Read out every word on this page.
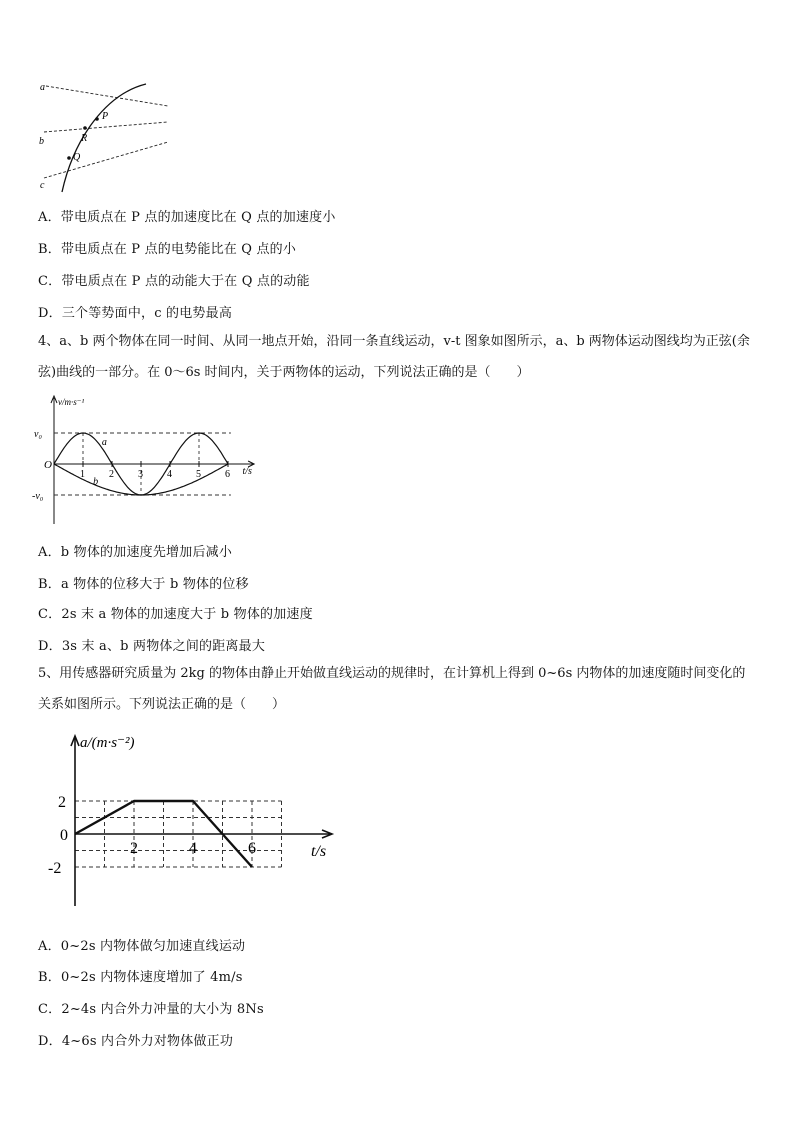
a
b
c
P
R
Q
A．带电质点在 P 点的加速度比在 Q 点的加速度小
B．带电质点在 P 点的电势能比在 Q 点的小
C．带电质点在 P 点的动能大于在 Q 点的动能
D．三个等势面中，c 的电势最高
4、a、b 两个物体在同一时间、从同一地点开始，沿同一条直线运动，v-t 图象如图所示，a、b 两物体运动图线均为正弦(余弦)曲线的一部分。在 0～6s 时间内，关于两物体的运动，下列说法正确的是（　　）
1 2 3 4 5 6
v₀
-v₀
O
v/m·s⁻¹
t/s
a
b
A．b 物体的加速度先增加后减小
B．a 物体的位移大于 b 物体的位移
C．2s 末 a 物体的加速度大于 b 物体的加速度
D．3s 末 a、b 两物体之间的距离最大
5、用传感器研究质量为 2kg 的物体由静止开始做直线运动的规律时，在计算机上得到 0~6s 内物体的加速度随时间变化的关系如图所示。下列说法正确的是（　　）
a/(m·s⁻²)
t/s
0
2
-2
2	4	6
A．0~2s 内物体做匀加速直线运动
B．0~2s 内物体速度增加了 4m/s
C．2~4s 内合外力冲量的大小为 8Ns
D．4~6s 内合外力对物体做正功
